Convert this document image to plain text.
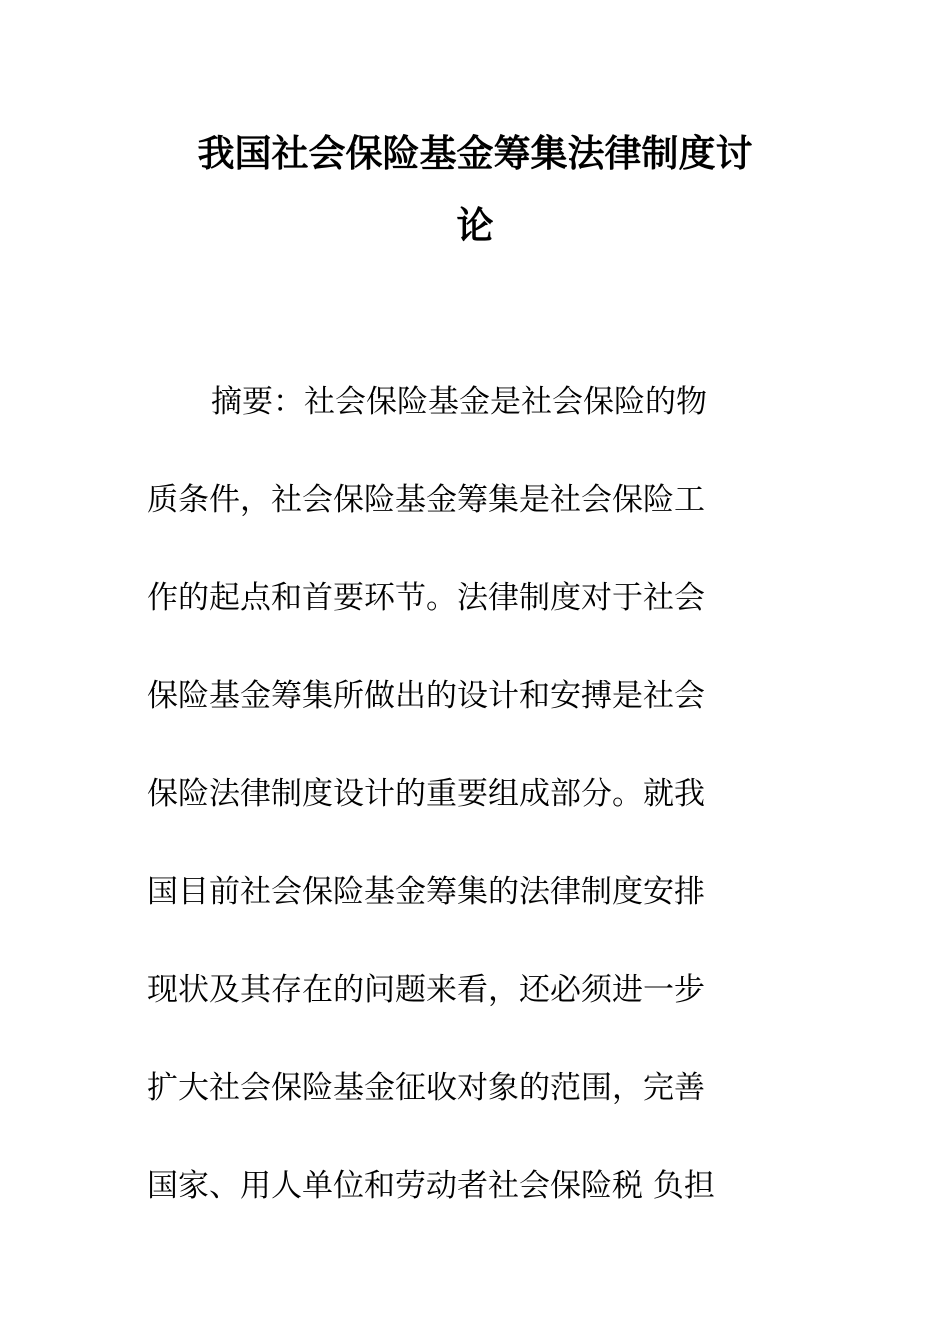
我国社会保险基金筹集法律制度讨
论
摘要：社会保险基金是社会保险的物
质条件，社会保险基金筹集是社会保险工
作的起点和首要环节。法律制度对于社会
保险基金筹集所做出的设计和安搏是社会
保险法律制度设计的重要组成部分。就我
国目前社会保险基金筹集的法律制度安排
现状及其存在的问题来看，还必须进一步
扩大社会保险基金征收对象的范围，完善
国家、用人单位和劳动者社会保险税 负担
